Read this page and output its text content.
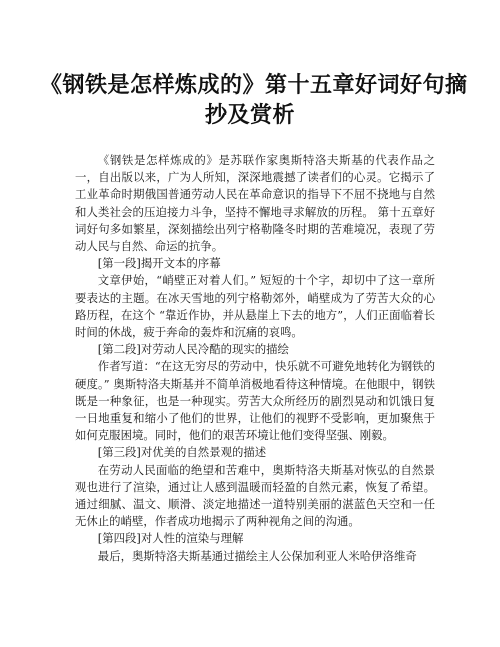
《钢铁是怎样炼成的》第十五章好词好句摘
抄及赏析

《钢铁是怎样炼成的》是苏联作家奥斯特洛夫斯基的代表作品之一，自出版以来，广为人所知，深深地震撼了读者们的心灵。它揭示了工业革命时期俄国普通劳动人民在革命意识的指导下不屈不挠地与自然和人类社会的压迫接力斗争，坚持不懈地寻求解放的历程。 第十五章好词好句多如繁星，深刻描绘出列宁格勒隆冬时期的苦难境况，表现了劳动人民与自然、命运的抗争。

[第一段]揭开文本的序幕

文章伊始，“峭壁正对着人们。” 短短的十个字，却切中了这一章所要表达的主题。在冰天雪地的列宁格勒郊外，峭壁成为了劳苦大众的心路历程，在这个 “靠近作协，并从悬崖上下去的地方”，人们正面临着长时间的休战，疲于奔命的轰炸和沉痛的哀鸣。

[第二段]对劳动人民冷酷的现实的描绘

作者写道：“在这无穷尽的劳动中，快乐就不可避免地转化为钢铁的硬度。” 奥斯特洛夫斯基并不简单消极地看待这种情境。在他眼中，钢铁既是一种象征，也是一种现实。劳苦大众所经历的剧烈晃动和饥饿日复一日地重复和缩小了他们的世界，让他们的视野不受影响，更加聚焦于如何克服困境。同时，他们的艰苦环境让他们变得坚强、刚毅。

[第三段]对优美的自然景观的描述

在劳动人民面临的绝望和苦难中，奥斯特洛夫斯基对恢弘的自然景观也进行了渲染，通过让人感到温暖而轻盈的自然元素，恢复了希望。通过细腻、温文、顺滑、淡定地描述一道特别美丽的湛蓝色天空和一任无休止的峭壁，作者成功地揭示了两种视角之间的沟通。

[第四段]对人性的渲染与理解

最后，奥斯特洛夫斯基通过描绘主人公保加利亚人米哈伊洛维奇
